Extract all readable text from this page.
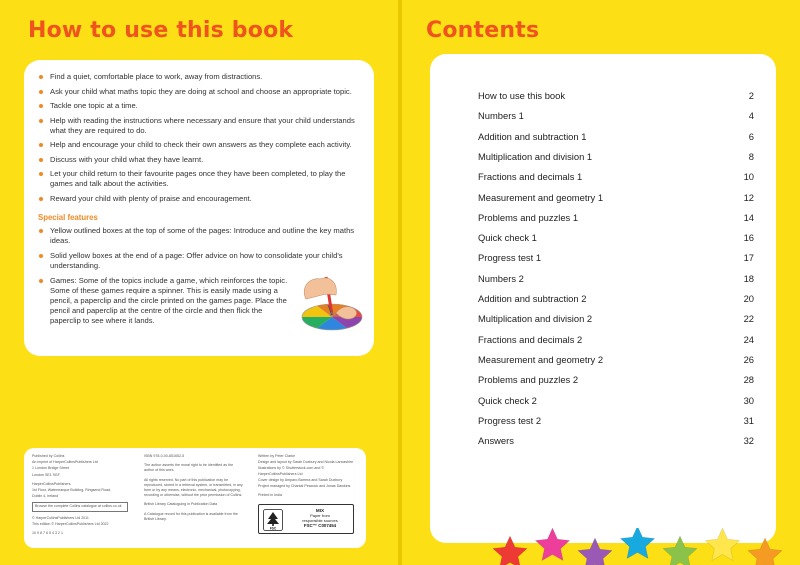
How to use this book
Find a quiet, comfortable place to work, away from distractions.
Ask your child what maths topic they are doing at school and choose an appropriate topic.
Tackle one topic at a time.
Help with reading the instructions where necessary and ensure that your child understands what they are required to do.
Help and encourage your child to check their own answers as they complete each activity.
Discuss with your child what they have learnt.
Let your child return to their favourite pages once they have been completed, to play the games and talk about the activities.
Reward your child with plenty of praise and encouragement.
Special features
Yellow outlined boxes at the top of some of the pages: Introduce and outline the key maths ideas.
Solid yellow boxes at the end of a page: Offer advice on how to consolidate your child's understanding.
Games: Some of the topics include a game, which reinforces the topic. Some of these games require a spinner. This is easily made using a pencil, a paperclip and the circle printed on the games page. Place the pencil and paperclip at the centre of the circle and then flick the paperclip to see where it lands.

Published by Collins

An imprint of HarperCollinsPublishers Ltd

1 London Bridge Street

London SE1 9GF

HarperCollinsPublishers

1st Floor, Watermarque Building, Ringsend Road,

Dublin 4, Ireland

Browse the complete Collins catalogue at collins.co.uk

© HarperCollinsPublishers Ltd 2011

This edition © HarperCollinsPublishers Ltd 2022

10 9 8 7 6 5 4 3 2 1

ISBN 978-0-00-851652-5

The author asserts the moral right to be identified as the author of this work.

All rights reserved. No part of this publication may be reproduced, stored in a retrieval system, or transmitted, in any form or by any means, electronic, mechanical, photocopying, recording or otherwise, without the prior permission of Collins.

British Library Cataloguing in Publication Data

A Catalogue record for this publication is available from the British Library.

Written by Peter Clarke

Design and layout by Sarah Duxbury and Nicola Lancashire

Illustrations by © Shutterstock.com and © HarperCollinsPublishers Ltd

Cover design by Amparo Barrera and Sarah Duxbury

Project managed by Chantal Peacock and Jonas Dawkins

Printed in India

FSC
MIX
Paper from
responsible sources
FSC™ C007454
Contents
How to use this book	2
Numbers 1	4
Addition and subtraction 1	6
Multiplication and division 1	8
Fractions and decimals 1	10
Measurement and geometry 1	12
Problems and puzzles 1	14
Quick check 1	16
Progress test 1	17
Numbers 2	18
Addition and subtraction 2	20
Multiplication and division 2	22
Fractions and decimals 2	24
Measurement and geometry 2	26
Problems and puzzles 2	28
Quick check 2	30
Progress test 2	31
Answers	32
